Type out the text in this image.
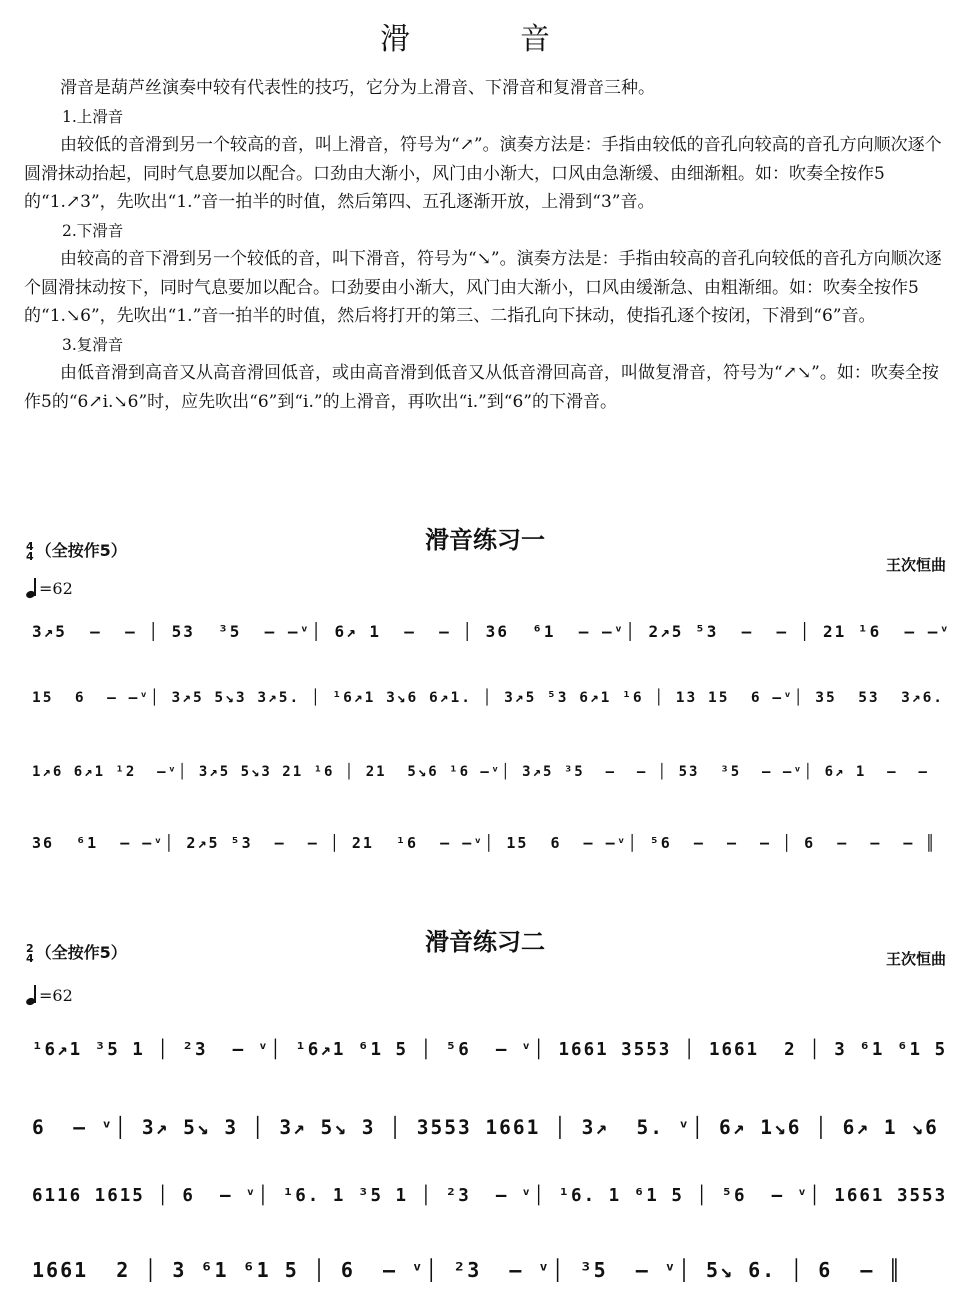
滑　音

滑音是葫芦丝演奏中较有代表性的技巧，它分为上滑音、下滑音和复滑音三种。

1.上滑音

由较低的音滑到另一个较高的音，叫上滑音，符号为“↗”。演奏方法是：手指由较低的音孔向较高的音孔方向顺次逐个圆滑抹动抬起，同时气息要加以配合。口劲由大渐小，风门由小渐大，口风由急渐缓、由细渐粗。如：吹奏全按作5的“1.↗3”，先吹出“1.”音一拍半的时值，然后第四、五孔逐渐开放，上滑到“3”音。

2.下滑音

由较高的音下滑到另一个较低的音，叫下滑音，符号为“↘”。演奏方法是：手指由较高的音孔向较低的音孔方向顺次逐个圆滑抹动按下，同时气息要加以配合。口劲要由小渐大，风门由大渐小，口风由缓渐急、由粗渐细。如：吹奏全按作5的“1.↘6”，先吹出“1.”音一拍半的时值，然后将打开的第三、二指孔向下抹动，使指孔逐个按闭，下滑到“6”音。

3.复滑音

由低音滑到高音又从高音滑回低音，或由高音滑到低音又从低音滑回高音，叫做复滑音，符号为“↗↘”。如：吹奏全按作5的“6↗i.↘6”时，应先吹出“6”到“i.”的上滑音，再吹出“i.”到“6”的下滑音。

滑音练习一
4
4 （全按作5）
王次恒曲
=62
3↗5  –  – │ 53  ³5  – –ᵛ│ 6↗ 1  –  – │ 36  ⁶1  – –ᵛ│ 2↗5 ⁵3  –  – │ 21 ¹6  – –ᵛ
15  6  – –ᵛ│ 3↗5 5↘3 3↗5. │ ¹6↗1 3↘6 6↗1. │ 3↗5 ⁵3 6↗1 ¹6 │ 13 15  6 –ᵛ│ 35  53  3↗6.
1↗6 6↗1 ¹2  –ᵛ│ 3↗5 5↘3 21 ¹6 │ 21  5↘6 ¹6 –ᵛ│ 3↗5 ³5  –  – │ 53  ³5  – –ᵛ│ 6↗ 1  –  –
36  ⁶1  – –ᵛ│ 2↗5 ⁵3  –  – │ 21  ¹6  – –ᵛ│ 15  6  – –ᵛ│ ⁵6  –  –  – │ 6  –  –  – ║
滑音练习二
2
4 （全按作5）	王次恒曲
=62
¹6↗1 ³5 1 │ ²3  – ᵛ│ ¹6↗1 ⁶1 5 │ ⁵6  – ᵛ│ 1661 3553 │ 1661  2 │ 3 ⁶1 ⁶1 5
6  – ᵛ│ 3↗ 5↘ 3 │ 3↗ 5↘ 3 │ 3553 1661 │ 3↗  5. ᵛ│ 6↗ 1↘6 │ 6↗ 1 ↘6
6116 1615 │ 6  – ᵛ│ ¹6. 1 ³5 1 │ ²3  – ᵛ│ ¹6. 1 ⁶1 5 │ ⁵6  – ᵛ│ 1661 3553
1661  2 │ 3 ⁶1 ⁶1 5 │ 6  – ᵛ│ ²3  – ᵛ│ ³5  – ᵛ│ 5↘ 6. │ 6  – ║
